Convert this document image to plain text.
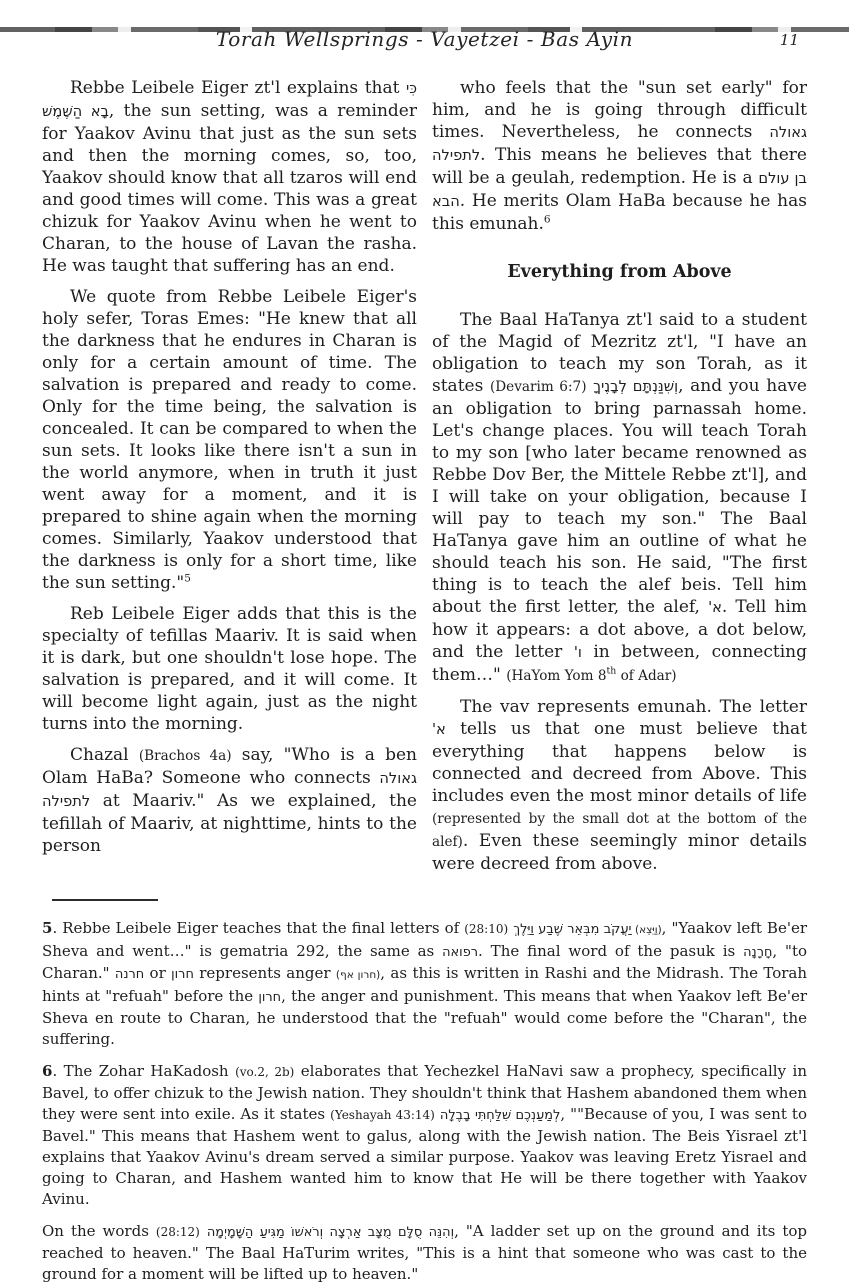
Torah Wellsprings - Vayetzei - Bas Ayin	11

Rebbe Leibele Eiger zt'l explains that כִּי בָא הַשֶּׁמֶשׁ, the sun setting, was a reminder for Yaakov Avinu that just as the sun sets and then the morning comes, so, too, Yaakov should know that all tzaros will end and good times will come. This was a great chizuk for Yaakov Avinu when he went to Charan, to the house of Lavan the rasha. He was taught that suffering has an end.

We quote from Rebbe Leibele Eiger's holy sefer, Toras Emes: "He knew that all the darkness that he endures in Charan is only for a certain amount of time. The salvation is prepared and ready to come. Only for the time being, the salvation is concealed. It can be compared to when the sun sets. It looks like there isn't a sun in the world anymore, when in truth it just went away for a moment, and it is prepared to shine again when the morning comes. Similarly, Yaakov understood that the darkness is only for a short time, like the sun setting."$^5$

Reb Leibele Eiger adds that this is the specialty of tefillas Maariv. It is said when it is dark, but one shouldn't lose hope. The salvation is prepared, and it will come. It will become light again, just as the night turns into the morning.

Chazal (Brachos 4a) say, "Who is a ben Olam HaBa? Someone who connects גאולה לתפילה at Maariv." As we explained, the tefillah of Maariv, at nighttime, hints to the person

who feels that the "sun set early" for him, and he is going through difficult times. Nevertheless, he connects גאולה לתפילה. This means he believes that there will be a geulah, redemption. He is a בן עולם הבא. He merits Olam HaBa because he has this emunah.$^6$

Everything from Above

The Baal HaTanya zt'l said to a student of the Magid of Mezritz zt'l, "I have an obligation to teach my son Torah, as it states (Devarim 6:7) וְשִׁנַּנְתָּם לְבָנֶיךָ, and you have an obligation to bring parnassah home. Let's change places. You will teach Torah to my son [who later became renowned as Rebbe Dov Ber, the Mittele Rebbe zt'l], and I will take on your obligation, because I will pay to teach my son." The Baal HaTanya gave him an outline of what he should teach his son. He said, "The first thing is to teach the alef beis. Tell him about the first letter, the alef, א'. Tell him how it appears: a dot above, a dot below, and the letter ו' in between, connecting them…" (HaYom Yom 8th of Adar)

The vav represents emunah. The letter א' tells us that one must believe that everything that happens below is connected and decreed from Above. This includes even the most minor details of life (represented by the small dot at the bottom of the alef). Even these seemingly minor details were decreed from above.

5. Rebbe Leibele Eiger teaches that the final letters of (28:10)	(וַיֵּצֵא) יַעֲקֹב מִבְּאֵר שֶׁבַע וַיֵּלֶךְ , "Yaakov left Be'er Sheva and went…" is gematria 292, the same as רפואה. The final word of the pasuk is חָרָנָה, "to Charan." חרנה or חרון represents anger (חרון אף), as this is written in Rashi and the Midrash. The Torah hints at "refuah" before the חרון, the anger and punishment. This means that when Yaakov left Be'er Sheva en route to Charan, he understood that the "refuah" would come before the "Charan", the suffering.

6. The Zohar HaKadosh (vo.2, 2b) elaborates that Yechezkel HaNavi saw a prophecy, specifically in Bavel, to offer chizuk to the Jewish nation. They shouldn't think that Hashem abandoned them when they were sent into exile. As it states (Yeshayah 43:14) לְמַעַנְכֶם שִׁלַּחְתִּי בָבֶלָה, ""Because of you, I was sent to Bavel." This means that Hashem went to galus, along with the Jewish nation. The Beis Yisrael zt'l explains that Yaakov Avinu's dream served a similar purpose. Yaakov was leaving Eretz Yisrael and going to Charan, and Hashem wanted him to know that He will be there together with Yaakov Avinu.

On the words (28:12) וְהִנֵּה סֻלָּם מֻצָּב אַרְצָה וְרֹאשׁוֹ מַגִּיעַ הַשָּׁמָיְמָה, "A ladder set up on the ground and its top reached to heaven." The Baal HaTurim writes, "This is a hint that someone who was cast to the ground for a moment will be lifted up to heaven."
